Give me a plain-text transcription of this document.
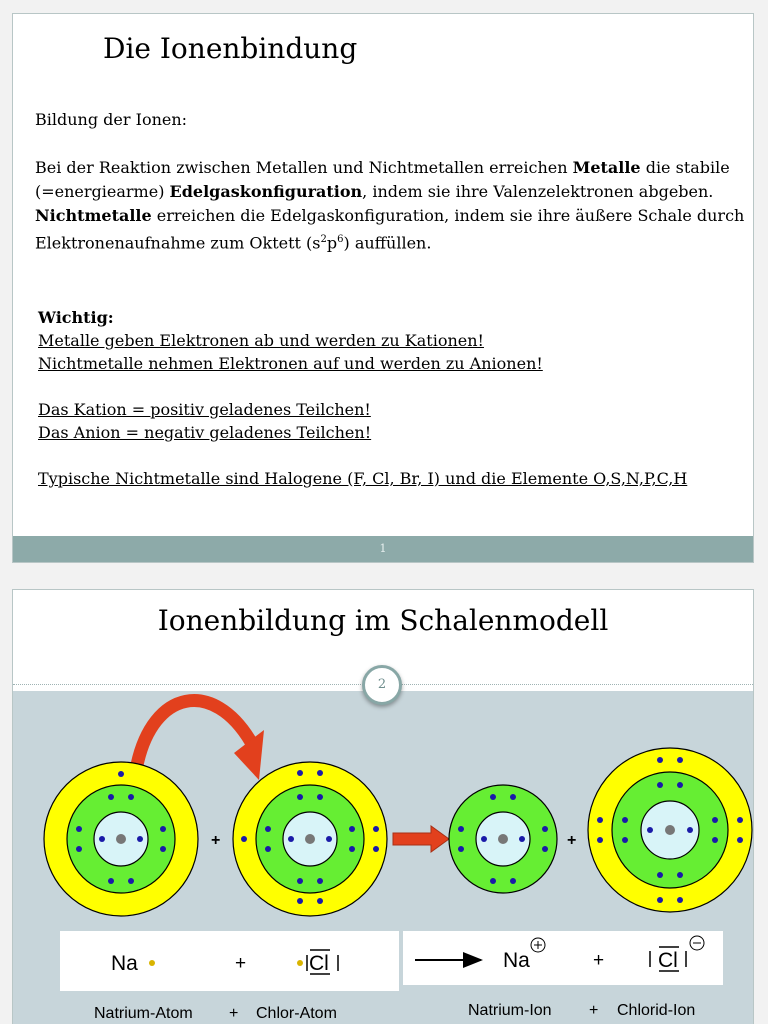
Die Ionenbindung

Bildung der Ionen:

Bei der Reaktion zwischen Metallen und Nichtmetallen erreichen Metalle die stabile (=energiearme) Edelgaskonfiguration, indem sie ihre Valenzelektronen abgeben. Nichtmetalle erreichen die Edelgaskonfiguration, indem sie ihre äußere Schale durch Elektronenaufnahme zum Oktett $(s^2p^6)$ auffüllen.

Wichtig:
Metalle geben Elektronen ab und werden zu Kationen!
Nichtmetalle nehmen Elektronen auf und werden zu Anionen!
Das Kation = positiv geladenes Teilchen!
Das Anion = negativ geladenes Teilchen!
Typische Nichtmetalle sind Halogene (F, Cl, Br, I) und die Elemente O,S,N,P,C,H
1
Ionenbildung im Schalenmodell
2
+	+
Na	+	Cl	Na	+	Cl
Natrium-Atom + Chlor-Atom	Natrium-Ion + Chlorid-Ion
